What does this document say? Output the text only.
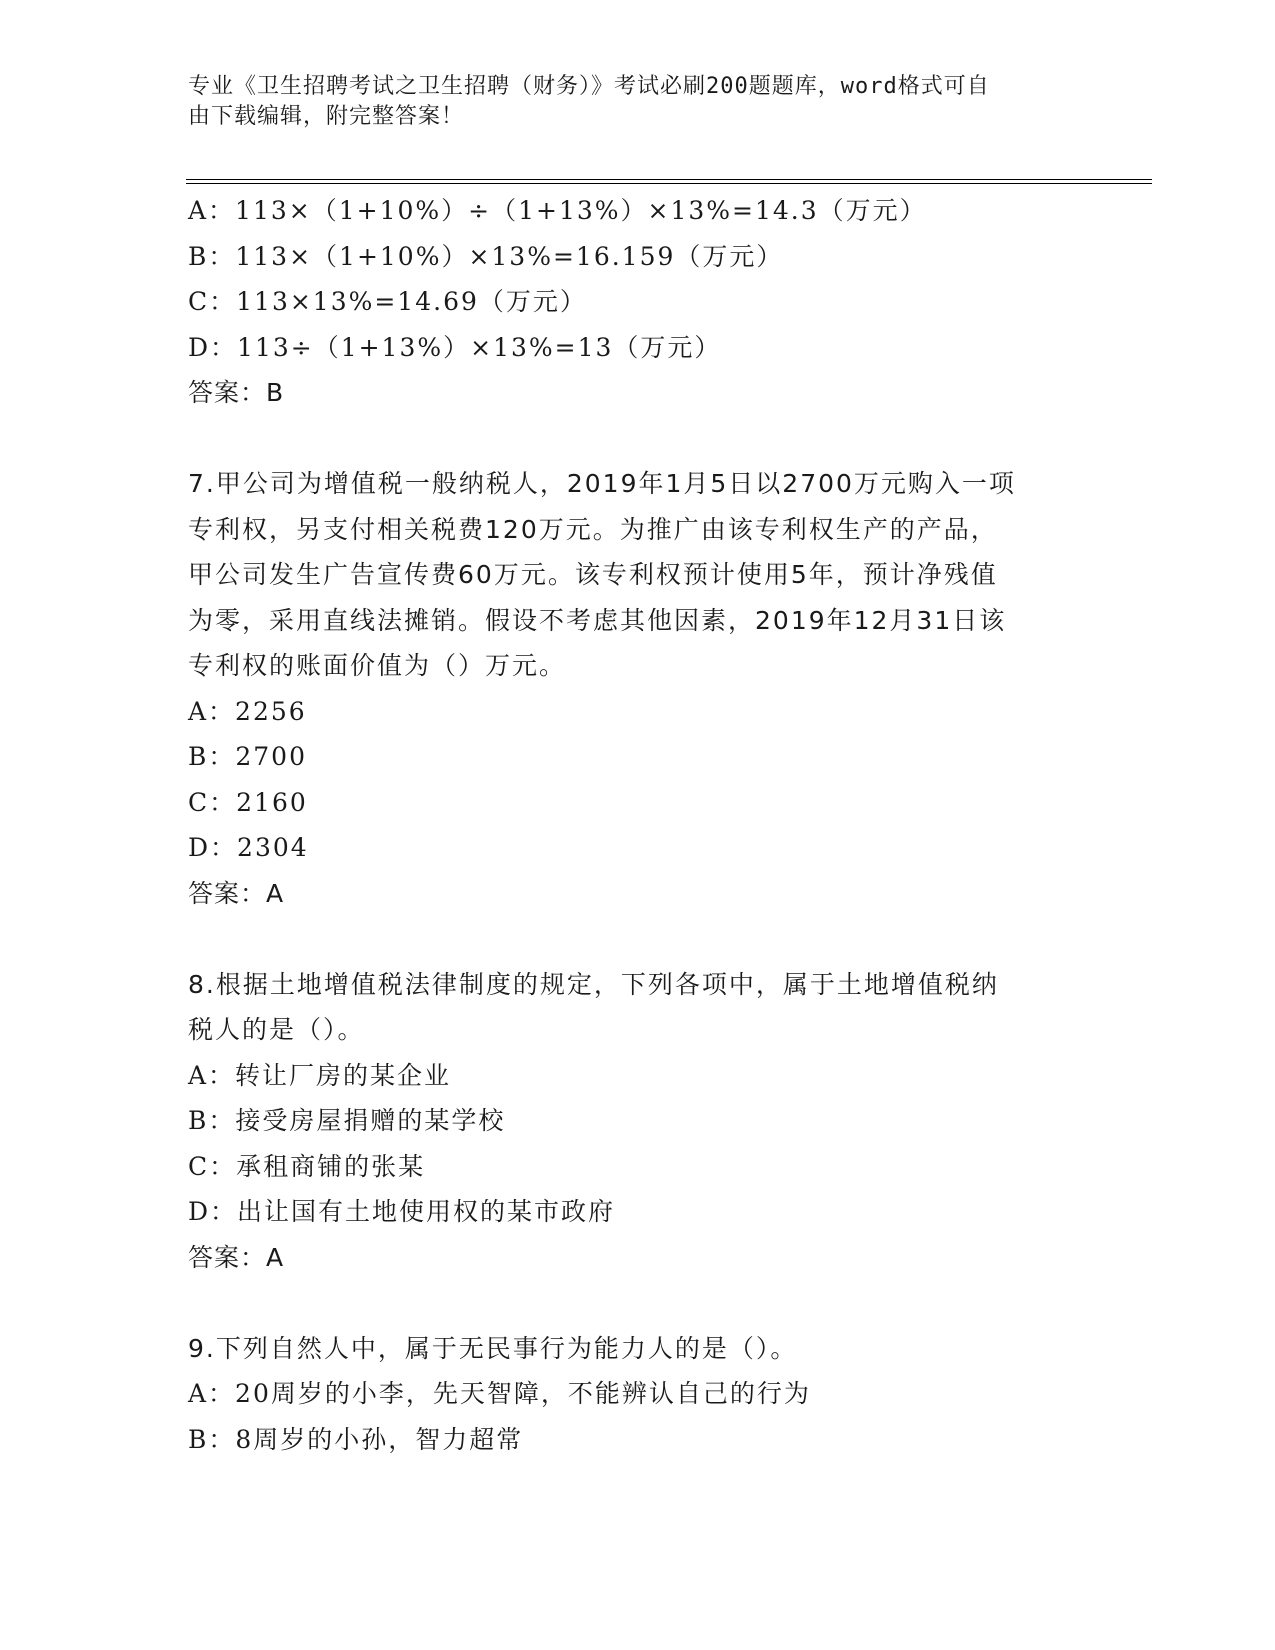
专业《卫生招聘考试之卫生招聘（财务）》考试必刷200题题库，word格式可自
由下载编辑，附完整答案！
A：113×（1+10%）÷（1+13%）×13%=14.3（万元）
B：113×（1+10%）×13%=16.159（万元）
C：113×13%=14.69（万元）
D：113÷（1+13%）×13%=13（万元）
答案：B
7.甲公司为增值税一般纳税人，2019年1月5日以2700万元购入一项
专利权，另支付相关税费120万元。为推广由该专利权生产的产品，
甲公司发生广告宣传费60万元。该专利权预计使用5年，预计净残值
为零，采用直线法摊销。假设不考虑其他因素，2019年12月31日该
专利权的账面价值为（）万元。
A：2256
B：2700
C：2160
D：2304
答案：A
8.根据土地增值税法律制度的规定，下列各项中，属于土地增值税纳
税人的是（）。
A：转让厂房的某企业
B：接受房屋捐赠的某学校
C：承租商铺的张某
D：出让国有土地使用权的某市政府
答案：A
9.下列自然人中，属于无民事行为能力人的是（）。
A：20周岁的小李，先天智障，不能辨认自己的行为
B：8周岁的小孙，智力超常
